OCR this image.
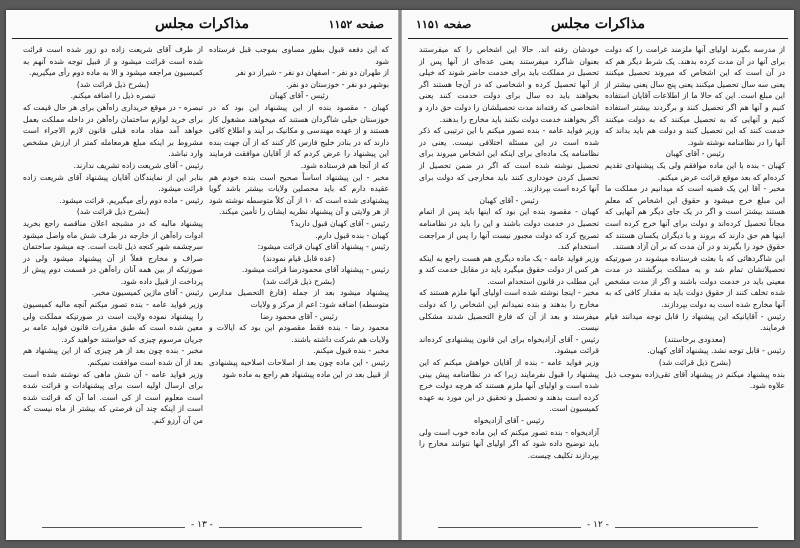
مذاکرات مجلس	صفحه ۱۱۵۲

که این دفعه قبول بطور مساوی بموجب قبل فرستاده شود

از طهران دو نفر - اصفهان دو نفر - شیراز دو نفر

بوشهر دو نفر - خوزستان دو نفر.

رئیس - آقای کهبان

کهبان - مقصود بنده از این پیشنهاد این بود که در خوزستان خیلی شاگردان هستند که میخواهند مشغول کار هستند و از عهده مهندسی و مکانیک بر آیند و اطلاع کافی دارند که در بنادر خلیج فارس کار کنند که از آن جهت بنده این پیشنهاد را عرض کردم که از آقایان موافقت فرمایند که از آنجا هم فرستاده شود.

مخبر - این پیشنهاد اساساً صحیح است بنده خودم هم عقیده دارم که باید محصلین ولایات بیشتر باشد گویا پیشنهادی شده است که ۱۰ از آن کلاً متوسطه نوشته شود از هر ولایتی و آن پیشنهاد نظریه ایشان را تأمین میکند.

رئیس - آقای کهبان قبول دارید؟

کهبان - بنده قبول دارم.

رئیس - پیشنهاد آقای کهبان قرائت میشود:

(عده قابل قیام نمودند)

رئیس - پیشنهاد آقای محمودرضا قرائت میشود.

(بشرح ذیل قرائت شد)

پیشنهاد میشود بعد از جمله (فارغ التحصیل مدارس متوسطه) اضافه شود: اعم از مرکز و ولایات

رئیس - آقای محمود رضا

محمود رضا - بنده فقط مقصودم این بود که ایالات و ولایات هم شرکت داشته باشند.

مخبر - بنده قبول میکنم.

رئیس - این ماده چون بعد از اصلاحات اصلاحیه پیشنهادی از قبیل بعد در این ماده پیشنهاد هم راجع به ماده شود

از طرف آقای شریعت زاده دو زور شده است قرائت شده است قرائت میشود و از قبیل توجه شده آنهم به کمیسیون مراجعه میشود و الا به ماده دوم رأی میگیریم.

(بشرح ذیل قرائت شد)

تبصره ذیل را اضافه میکنم.

تبصره - در موقع خریداری راه‌آهن برای هر حال قیمت که برای خرید لوازم ساختمان راه‌آهن در داخله مملکت بعمل خواهد آمد مفاد ماده قبلی قانون لازم الاجراء است مشروط بر اینکه مبلغ هرمعامله کمتر از ارزش مشخص وارد نباشد.

رئیس - آقای شریعت زاده تشریف ندارند.

بنابر این از نمایندگان آقایان پیشنهاد آقای شریعت زاده قرائت میشود.

رئیس - ماده دوم رأی میگیریم. قرائت میشود.

(بشرح ذیل قرائت شد)

پیشنهاد مالیه که در مشبجه اعلان مناقصه راجع بخرید ادوات راه‌آهن از خارجه در طرف شش ماه واصل میشود سرچشمه شهر کنجه ذیل ثابت است. چه میشود ساختمان صراف و مخارج فعلاً از آن پیشنهاد میشود ولی در صورتیکه از بین همه آنان راه‌آهن در قسمت دوم پیش از پرداخت از قبیل داده شود.

رئیس - آقای ماژین کمیسیون مخبر.

وزیر فواید عامه - بنده تصور میکنم آنچه مالیه کمیسیون را پیشنهاد نموده ولایت است در صورتیکه مملکت ولی معین شده است که طبق مقررات قانون فواید عامه بر جریان مرسوم چیزی که خواستند خواهید کرد.

مخبر - بنده چون بعد از هر چیزی که از این پیشنهاد هم بعد از آن شده است موافقت نمیکنم.

وزیر فواید عامه - آن شش ماهی که نوشته شده است برای ارسال اولیه است برای پیشنهادات و قرائت شده است معلوم است از کی است. اما آن که قرائت شده است از اینکه چند آن فرصتی که بیشتر از ماه نیست که من آن آرزو کنم.

- ۱۳ -
مذاکرات مجلس
صفحه ۱۱۵۱

از مدرسه بگیرند اولیای آنها ملزمند غرامت را که دولت برای آنها در آن مدت کرده بدهند. یک شرط دیگر هم که در آن است که این اشخاص که میروند تحصیل میکنند یعنی سه سال تحصیل میکنند یعنی پنج سال یعنی بیشتر از این مبلغ است. این که حالا ما از اطلاعات آقایان استفاده کنیم و آنها هم اگر تحصیل کنند و برگردند بیشتر استفاده کنیم و آنهایی که به تحصیل میکنند که به دولت میکنند خدمت کنند که این تحصیل کنند و دولت هم باید بداند که آنها را در نظامنامه نوشته شود.

رئیس - آقای کهبان

کهبان - بنده با این ماده موافقم ولی یک پیشنهادی تقدیم کرده‌ام که بعد موقع قرائت عرض میکنم.

مخبر - آقا این یک قضیه است که میدانیم در مملکت ما این مبلغ خرج میشود و حقوق این اشخاص که معلم هستند بیشتر است و اگر در یک جای دیگر هم آنهایی که مجاناً تحصیل کرده‌اند و دولت برای آنها خرج کرده است اینها هم حق دارند که بروند و با دیگران یکسان هستند که حقوق خود را بگیرند و در آن مدت که بر آن آزاد هستند.

این شاگردهائی که با بعثت فرستاده میشوند در صورتیکه تحصیلاتشان تمام شد و به مملکت برگشتند در مدت معینی باید در خدمت دولت باشند و اگر از مدت مشخص شده تخلف کنند از حقوق دولت باید به مقدار کافی که به آنها مخارج شده است به دولت بپردازند.

رئیس - آقایانیکه این پیشنهاد را قابل توجه میدانند قیام فرمایند.

(معدودی برخاستند)

رئیس - قابل توجه نشد. پیشنهاد آقای کهبان.

(بشرح ذیل قرائت شد)

بنده پیشنهاد میکنم در پیشنهاد آقای تقی‌زاده بموجب ذیل علاوه شود.

خودشان رفته اند. حالا این اشخاص را که میفرستند بعنوان شاگرد میفرستند یعنی عده‌ای از آنها پس از تحصیل در مملکت باید برای خدمت حاضر شوند که خیلی از آنها تحصیل کرده و اشخاصی که در آن‌جا هستند اگر بخواهند باید ده سال برای دولت خدمت کنند یعنی اشخاصی که رفته‌اند مدت تحصیلشان را دولت حق دارد و اگر بخواهند خدمت دولت نکنند باید مخارج را بدهند.

وزیر فواید عامه - بنده تصور میکنم با این ترتیبی که ذکر شده است در این مسئله اختلافی نیست. یعنی در نظامنامه یک ماده‌ای برای اینکه این اشخاص میروند برای تحصیل نوشته شده است که اگر در ضمن تحصیل از تحصیل کردن خودداری کنند باید مخارجی که دولت برای آنها کرده است بپردازند.

رئیس - آقای کهبان

کهبان - مقصود بنده این بود که اینها باید پس از اتمام تحصیل در خدمت دولت باشند و این را باید در نظامنامه تصریح کرد که دولت مجبور نیست آنها را پس از مراجعت استخدام کند.

وزیر فواید عامه - یک ماده دیگری هم هست راجع به اینکه هر کس از دولت حقوق میگیرد باید در مقابل خدمت کند و این مطلب در قانون استخدام است.

مخبر - اینجا نوشته شده است اولیای آنها ملزم هستند که مخارج را بدهند و بنده نمیدانم این اشخاص را که دولت میفرستد و بعد از آن که فارغ التحصیل شدند مشکلی نیست.

رئیس - آقای آزادیخواه برای این قانون پیشنهادی کرده‌اند قرائت میشود.

وزیر فواید عامه - بنده از آقایان خواهش میکنم که این پیشنهاد را قبول نفرمایند زیرا که در نظامنامه پیش بینی شده است و اولیای آنها ملزم هستند که هرچه دولت خرج کرده است بدهند و تحصیل و تحقیق در این مورد به عهده کمیسیون است.

رئیس - آقای آزادیخواه

آزادیخواه - بنده تصور میکنم که این ماده خوب است ولی باید توضیح داده شود که اگر اولیای آنها نتوانند مخارج را بپردازند تکلیف چیست.

- ۱۲ -
